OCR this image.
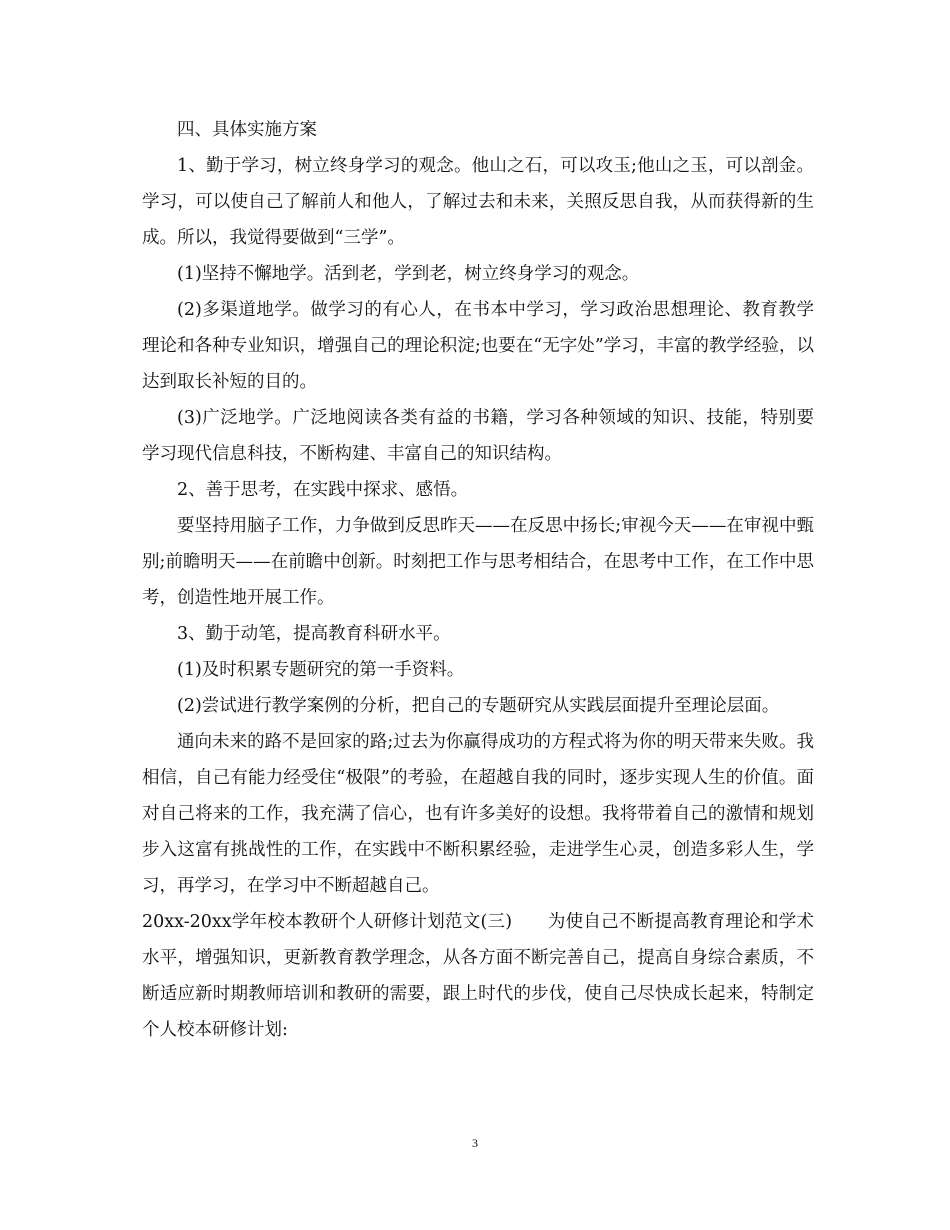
四、具体实施方案

1、勤于学习，树立终身学习的观念。他山之石，可以攻玉;他山之玉，可以剖金。学习，可以使自己了解前人和他人，了解过去和未来，关照反思自我，从而获得新的生成。所以，我觉得要做到“三学”。

(1)坚持不懈地学。活到老，学到老，树立终身学习的观念。

(2)多渠道地学。做学习的有心人，在书本中学习，学习政治思想理论、教育教学理论和各种专业知识，增强自己的理论积淀;也要在“无字处”学习，丰富的教学经验，以达到取长补短的目的。

(3)广泛地学。广泛地阅读各类有益的书籍，学习各种领域的知识、技能，特别要学习现代信息科技，不断构建、丰富自己的知识结构。

2、善于思考，在实践中探求、感悟。

要坚持用脑子工作，力争做到反思昨天——在反思中扬长;审视今天——在审视中甄别;前瞻明天——在前瞻中创新。时刻把工作与思考相结合，在思考中工作，在工作中思考，创造性地开展工作。

3、勤于动笔，提高教育科研水平。

(1)及时积累专题研究的第一手资料。

(2)尝试进行教学案例的分析，把自己的专题研究从实践层面提升至理论层面。

通向未来的路不是回家的路;过去为你赢得成功的方程式将为你的明天带来失败。我相信，自己有能力经受住“极限”的考验，在超越自我的同时，逐步实现人生的价值。面对自己将来的工作，我充满了信心，也有许多美好的设想。我将带着自己的激情和规划步入这富有挑战性的工作，在实践中不断积累经验，走进学生心灵，创造多彩人生，学习，再学习，在学习中不断超越自己。

20xx-20xx学年校本教研个人研修计划范文(三)　　为使自己不断提高教育理论和学术水平，增强知识，更新教育教学理念，从各方面不断完善自己，提高自身综合素质，不断适应新时期教师培训和教研的需要，跟上时代的步伐，使自己尽快成长起来，特制定个人校本研修计划:

3
